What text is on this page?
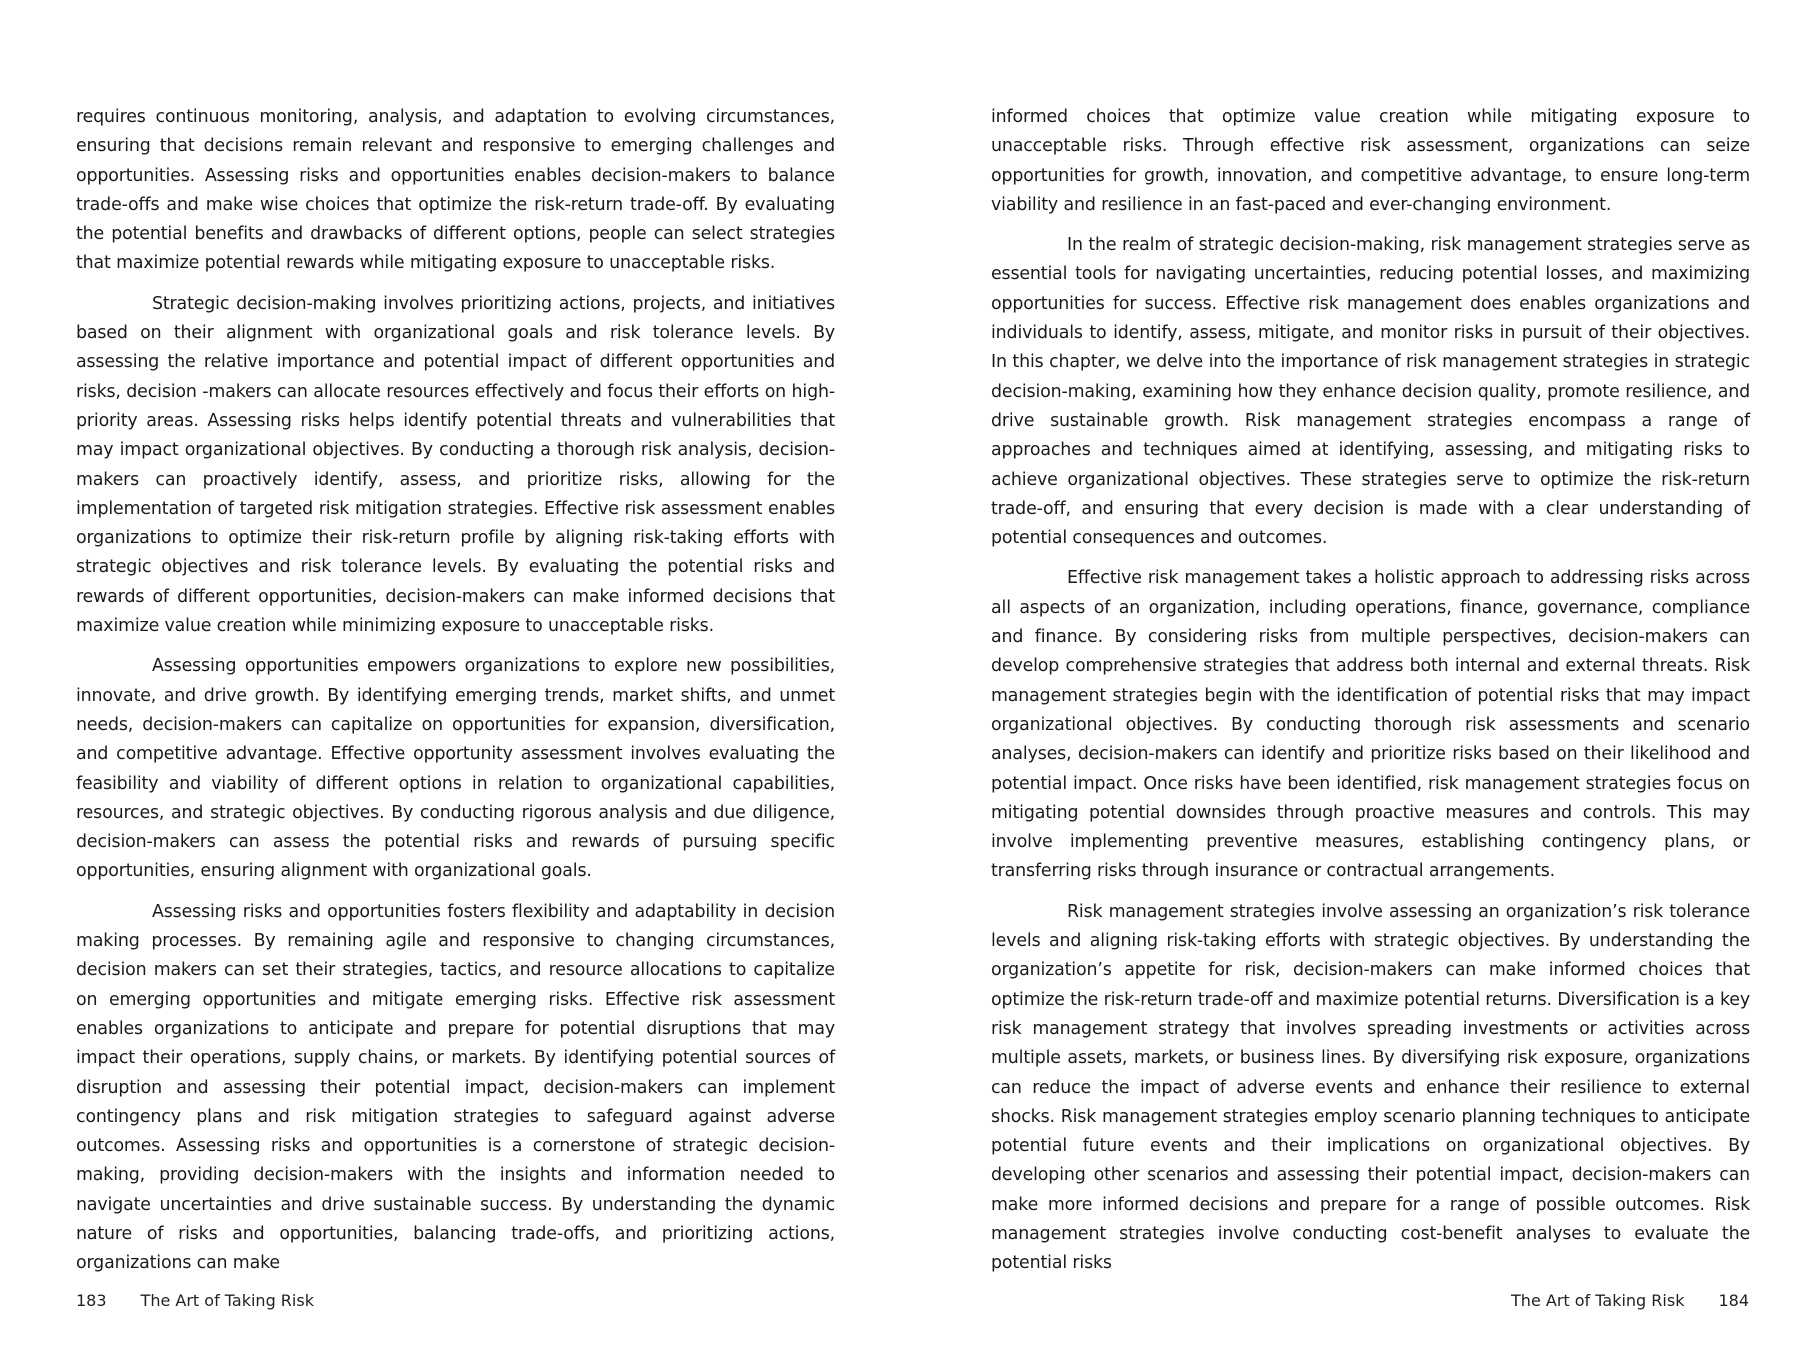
requires continuous monitoring, analysis, and adaptation to evolving circumstances, ensuring that decisions remain relevant and responsive to emerging challenges and opportunities. Assessing risks and opportunities enables decision-makers to balance trade-offs and make wise choices that optimize the risk-return trade-off. By evaluating the potential benefits and drawbacks of different options, people can select strategies that maximize potential rewards while mitigating exposure to unacceptable risks.

Strategic decision-making involves prioritizing actions, projects, and initiatives based on their alignment with organizational goals and risk tolerance levels. By assessing the relative importance and potential impact of different opportunities and risks, decision -makers can allocate resources effectively and focus their efforts on high-priority areas. Assessing risks helps identify potential threats and vulnerabilities that may impact organizational objectives. By conducting a thorough risk analysis, decision-makers can proactively identify, assess, and prioritize risks, allowing for the implementation of targeted risk mitigation strategies. Effective risk assessment enables organizations to optimize their risk-return profile by aligning risk-taking efforts with strategic objectives and risk tolerance levels. By evaluating the potential risks and rewards of different opportunities, decision-makers can make informed decisions that maximize value creation while minimizing exposure to unacceptable risks.

Assessing opportunities empowers organizations to explore new possibilities, innovate, and drive growth. By identifying emerging trends, market shifts, and unmet needs, decision-makers can capitalize on opportunities for expansion, diversification, and competitive advantage. Effective opportunity assessment involves evaluating the feasibility and viability of different options in relation to organizational capabilities, resources, and strategic objectives. By conducting rigorous analysis and due diligence, decision-makers can assess the potential risks and rewards of pursuing specific opportunities, ensuring alignment with organizational goals.

Assessing risks and opportunities fosters flexibility and adaptability in decision making processes. By remaining agile and responsive to changing circumstances, decision makers can set their strategies, tactics, and resource allocations to capitalize on emerging opportunities and mitigate emerging risks. Effective risk assessment enables organizations to anticipate and prepare for potential disruptions that may impact their operations, supply chains, or markets. By identifying potential sources of disruption and assessing their potential impact, decision-makers can implement contingency plans and risk mitigation strategies to safeguard against adverse outcomes. Assessing risks and opportunities is a cornerstone of strategic decision-making, providing decision-makers with the insights and information needed to navigate uncertainties and drive sustainable success. By understanding the dynamic nature of risks and opportunities, balancing trade-offs, and prioritizing actions, organizations can make

183 The Art of Taking Risk

informed choices that optimize value creation while mitigating exposure to unacceptable risks. Through effective risk assessment, organizations can seize opportunities for growth, innovation, and competitive advantage, to ensure long-term viability and resilience in an fast-paced and ever-changing environment.

In the realm of strategic decision-making, risk management strategies serve as essential tools for navigating uncertainties, reducing potential losses, and maximizing opportunities for success. Effective risk management does enables organizations and individuals to identify, assess, mitigate, and monitor risks in pursuit of their objectives. In this chapter, we delve into the importance of risk management strategies in strategic decision-making, examining how they enhance decision quality, promote resilience, and drive sustainable growth. Risk management strategies encompass a range of approaches and techniques aimed at identifying, assessing, and mitigating risks to achieve organizational objectives. These strategies serve to optimize the risk-return trade-off, and ensuring that every decision is made with a clear understanding of potential consequences and outcomes.

Effective risk management takes a holistic approach to addressing risks across all aspects of an organization, including operations, finance, governance, compliance and finance. By considering risks from multiple perspectives, decision-makers can develop comprehensive strategies that address both internal and external threats. Risk management strategies begin with the identification of potential risks that may impact organizational objectives. By conducting thorough risk assessments and scenario analyses, decision-makers can identify and prioritize risks based on their likelihood and potential impact. Once risks have been identified, risk management strategies focus on mitigating potential downsides through proactive measures and controls. This may involve implementing preventive measures, establishing contingency plans, or transferring risks through insurance or contractual arrangements.

Risk management strategies involve assessing an organization’s risk tolerance levels and aligning risk-taking efforts with strategic objectives. By understanding the organization’s appetite for risk, decision-makers can make informed choices that optimize the risk-return trade-off and maximize potential returns. Diversification is a key risk management strategy that involves spreading investments or activities across multiple assets, markets, or business lines. By diversifying risk exposure, organizations can reduce the impact of adverse events and enhance their resilience to external shocks. Risk management strategies employ scenario planning techniques to anticipate potential future events and their implications on organizational objectives. By developing other scenarios and assessing their potential impact, decision-makers can make more informed decisions and prepare for a range of possible outcomes. Risk management strategies involve conducting cost-benefit analyses to evaluate the potential risks

The Art of Taking Risk 184
